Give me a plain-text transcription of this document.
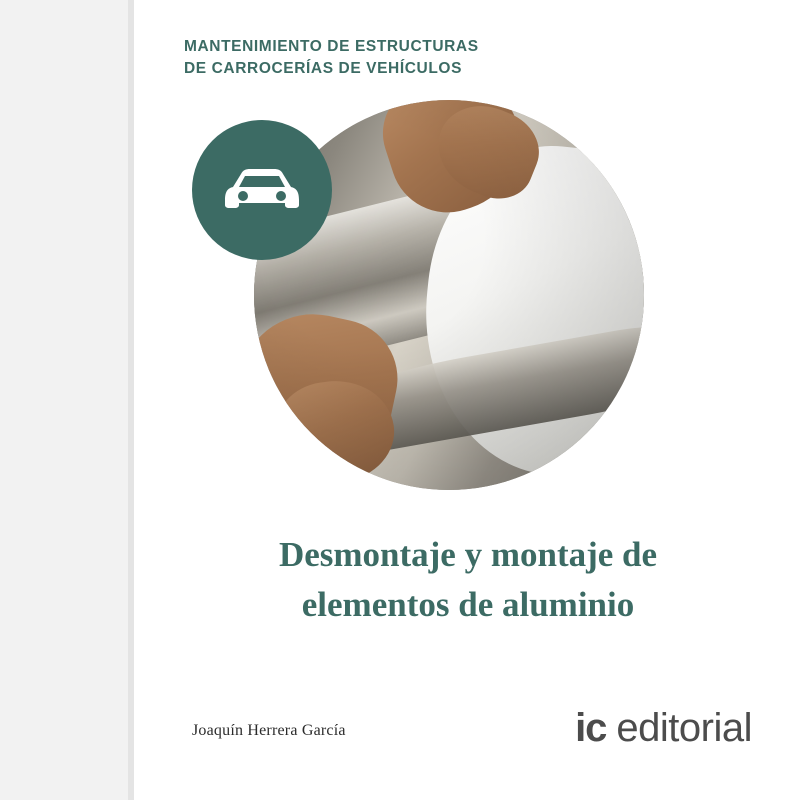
MANTENIMIENTO DE ESTRUCTURAS
DE CARROCERÍAS DE VEHÍCULOS
Desmontaje y montaje de
elementos de aluminio
Joaquín Herrera García	ic editorial
